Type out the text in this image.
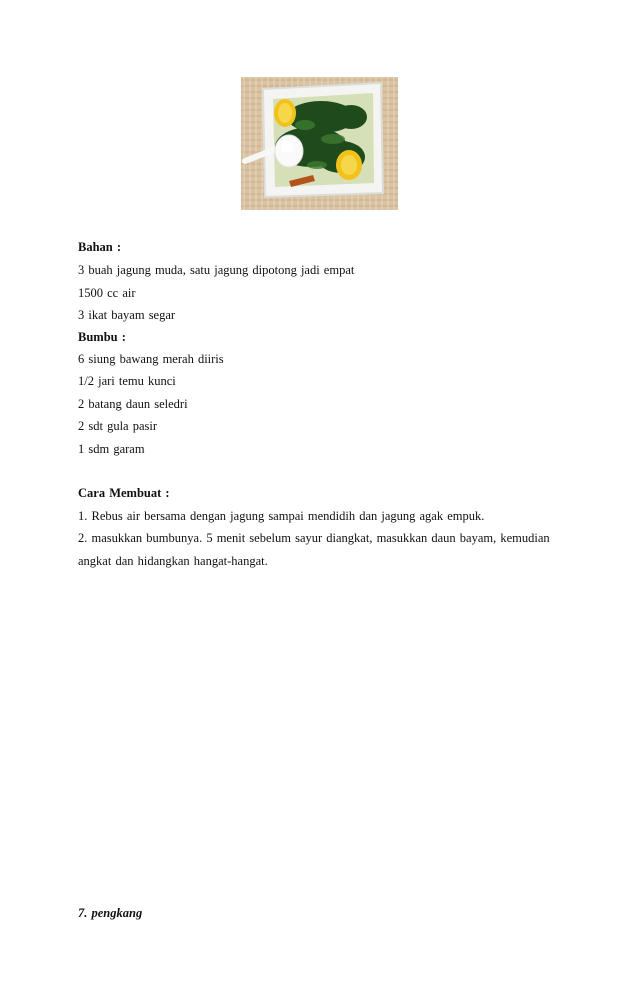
Bahan :
3 buah jagung muda, satu jagung dipotong jadi empat
1500 cc air
3 ikat bayam segar
Bumbu :
6 siung bawang merah diiris
1/2 jari temu kunci
2 batang daun seledri
2 sdt gula pasir
1 sdm garam
Cara Membuat :
1. Rebus air bersama dengan jagung sampai mendidih dan jagung agak empuk.
2. masukkan bumbunya. 5 menit sebelum sayur diangkat, masukkan daun bayam, kemudian
angkat dan hidangkan hangat-hangat.
7. pengkang
